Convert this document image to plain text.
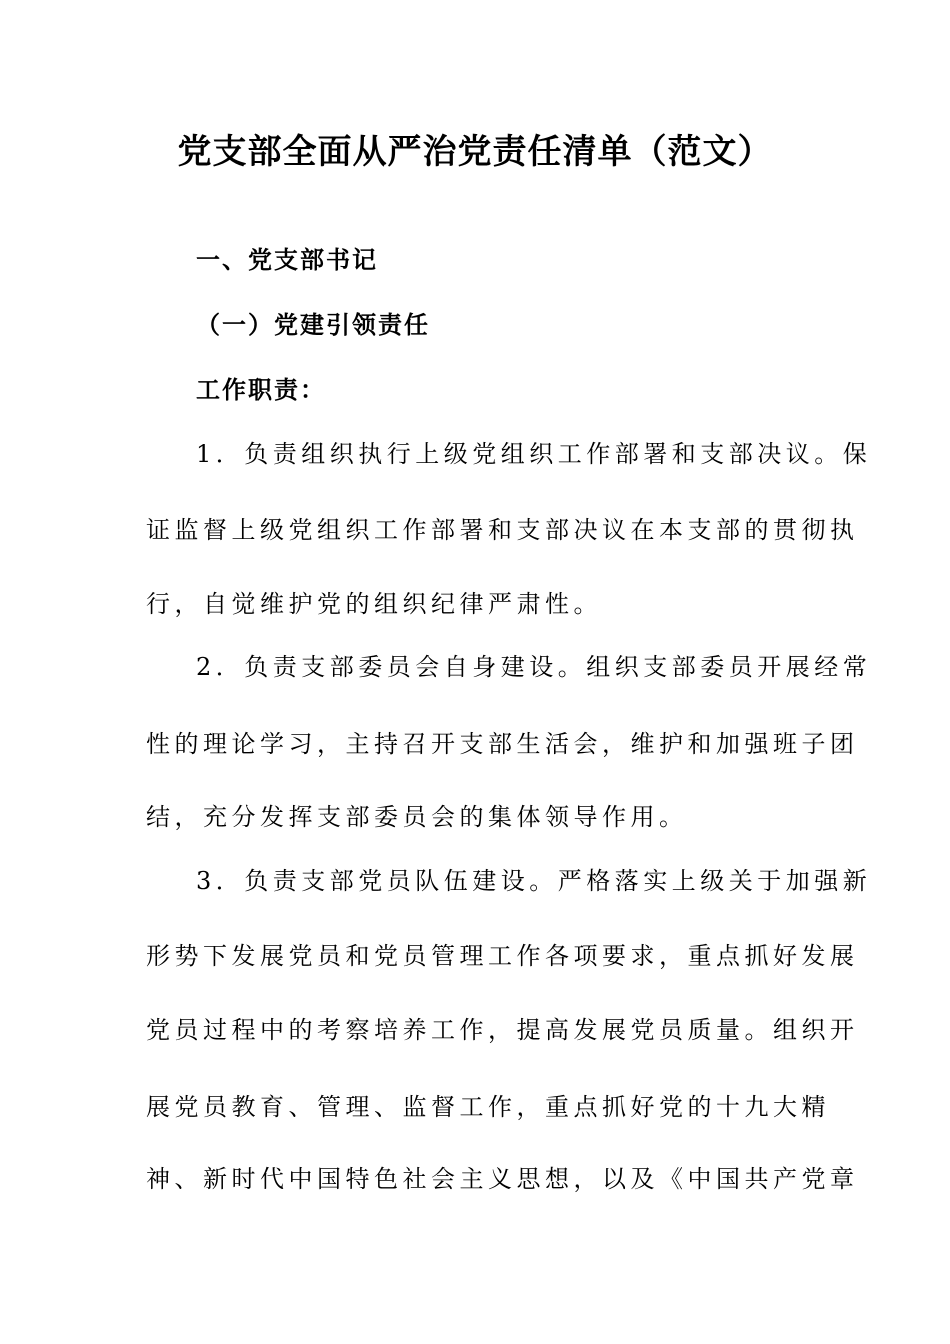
党支部全面从严治党责任清单（范文）
一、党支部书记
（一）党建引领责任
工作职责：
1．负责组织执行上级党组织工作部署和支部决议。保
证监督上级党组织工作部署和支部决议在本支部的贯彻执
行，自觉维护党的组织纪律严肃性。
2．负责支部委员会自身建设。组织支部委员开展经常
性的理论学习，主持召开支部生活会，维护和加强班子团
结，充分发挥支部委员会的集体领导作用。
3．负责支部党员队伍建设。严格落实上级关于加强新
形势下发展党员和党员管理工作各项要求，重点抓好发展
党员过程中的考察培养工作，提高发展党员质量。组织开
展党员教育、管理、监督工作，重点抓好党的十九大精
神、新时代中国特色社会主义思想，以及《中国共产党章
